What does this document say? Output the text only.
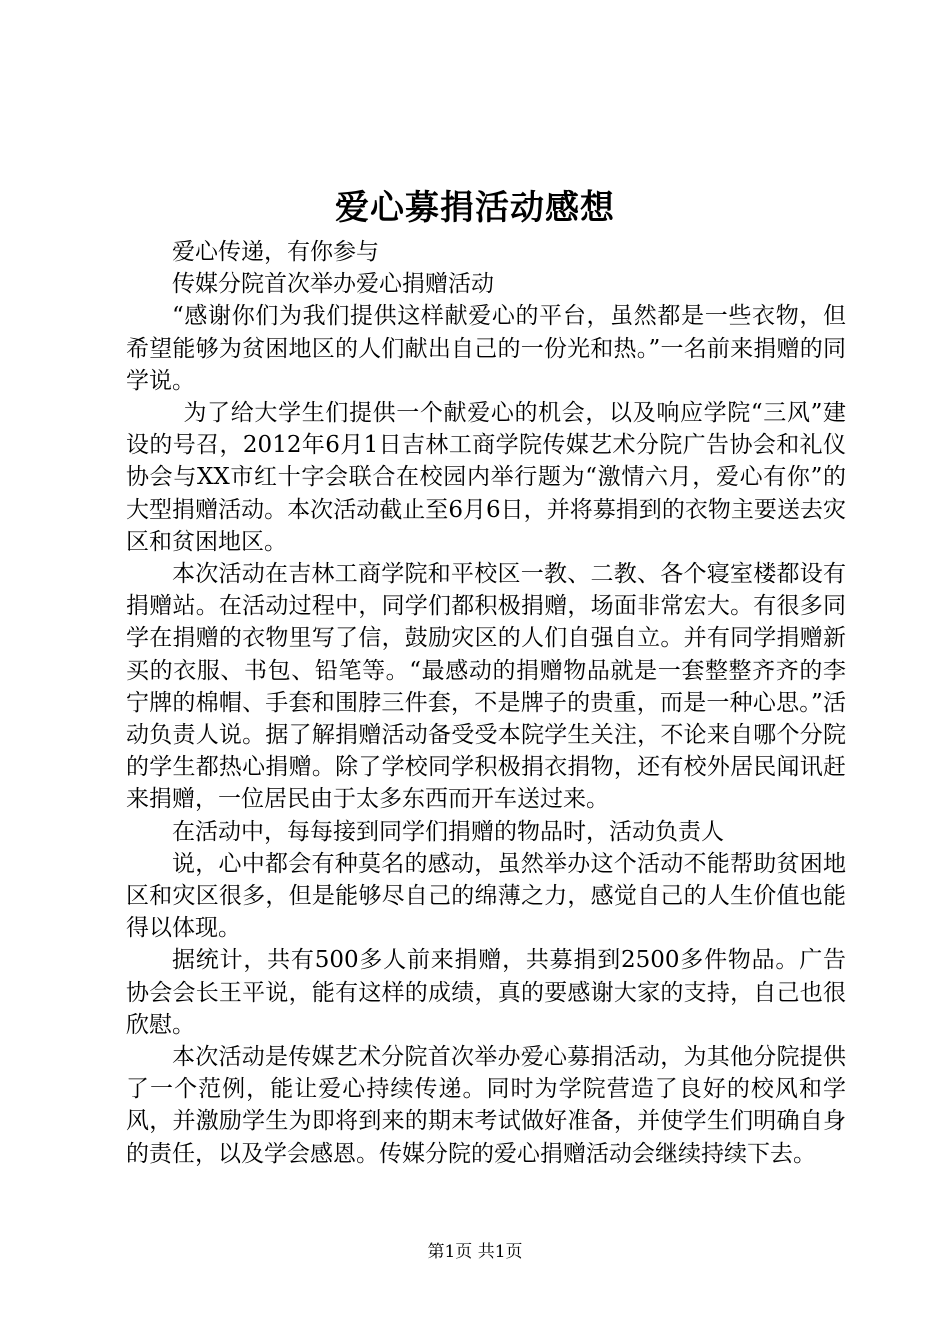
爱心募捐活动感想

爱心传递，有你参与

传媒分院首次举办爱心捐赠活动

“感谢你们为我们提供这样献爱心的平台，虽然都是一些衣物，但希望能够为贫困地区的人们献出自己的一份光和热。”一名前来捐赠的同学说。

为了给大学生们提供一个献爱心的机会，以及响应学院“三风”建设的号召，2012年6月1日吉林工商学院传媒艺术分院广告协会和礼仪协会与XX市红十字会联合在校园内举行题为“激情六月，爱心有你”的大型捐赠活动。本次活动截止至6月6日，并将募捐到的衣物主要送去灾区和贫困地区。

本次活动在吉林工商学院和平校区一教、二教、各个寝室楼都设有捐赠站。在活动过程中，同学们都积极捐赠，场面非常宏大。有很多同学在捐赠的衣物里写了信，鼓励灾区的人们自强自立。并有同学捐赠新买的衣服、书包、铅笔等。“最感动的捐赠物品就是一套整整齐齐的李宁牌的棉帽、手套和围脖三件套，不是牌子的贵重，而是一种心思。”活动负责人说。据了解捐赠活动备受受本院学生关注，不论来自哪个分院的学生都热心捐赠。除了学校同学积极捐衣捐物，还有校外居民闻讯赶来捐赠，一位居民由于太多东西而开车送过来。

在活动中，每每接到同学们捐赠的物品时，活动负责人

说，心中都会有种莫名的感动，虽然举办这个活动不能帮助贫困地区和灾区很多，但是能够尽自己的绵薄之力，感觉自己的人生价值也能得以体现。

据统计，共有500多人前来捐赠，共募捐到2500多件物品。广告协会会长王平说，能有这样的成绩，真的要感谢大家的支持，自己也很欣慰。

本次活动是传媒艺术分院首次举办爱心募捐活动，为其他分院提供了一个范例，能让爱心持续传递。同时为学院营造了良好的校风和学风，并激励学生为即将到来的期末考试做好准备，并使学生们明确自身的责任，以及学会感恩。传媒分院的爱心捐赠活动会继续持续下去。

第1页 共1页
